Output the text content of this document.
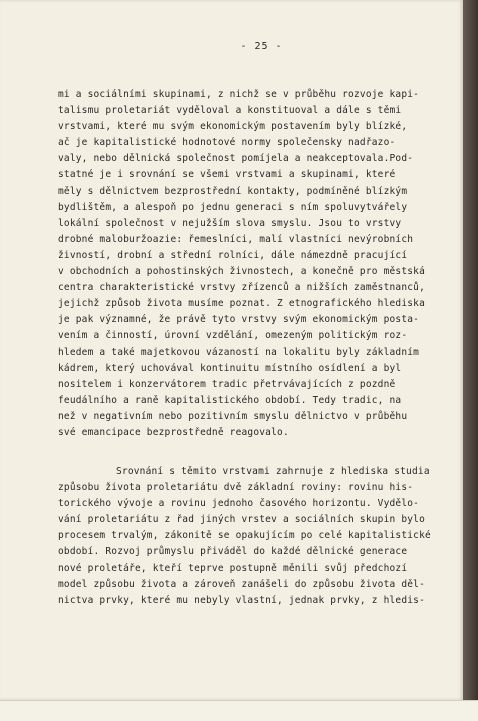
- 25 -
mi a sociálními skupinami, z nichž se v průběhu rozvoje kapi-
talismu proletariát vyděloval a konstituoval a dále s těmi
vrstvami, které mu svým ekonomickým postavením byly blízké,
ač je kapitalistické hodnotové normy společensky nadřazo-
valy, nebo dělnická společnost pomíjela a neakceptovala.Pod-
statné je i srovnání se všemi vrstvami a skupinami, které
měly s dělnictvem bezprostřední kontakty, podmíněné blízkým
bydlištěm, a alespoň po jednu generaci s ním spoluvytvářely
lokální společnost v nejužším slova smyslu. Jsou to vrstvy
drobné maloburžoazie: řemeslníci, malí vlastníci nevýrobních
živností, drobní a střední rolníci, dále námezdně pracující
v obchodních a pohostinských živnostech, a konečně pro městská
centra charakteristické vrstvy zřízenců a nižších zaměstnanců,
jejichž způsob života musíme poznat. Z etnografického hlediska
je pak významné, že právě tyto vrstvy svým ekonomickým posta-
vením a činností, úrovní vzdělání, omezeným politickým roz-
hledem a také majetkovou vázaností na lokalitu byly základním
kádrem, který uchovával kontinuitu místního osídlení a byl
nositelem i konzervátorem tradic přetrvávajících z pozdně
feudálního a raně kapitalistického období. Tedy tradic, na
než v negativním nebo pozitivním smyslu dělnictvo v průběhu
své emancipace bezprostředně reagovalo.
Srovnání s těmito vrstvami zahrnuje z hlediska studia
způsobu života proletariátu dvě základní roviny: rovinu his-
torického vývoje a rovinu jednoho časového horizontu. Vydělo-
vání proletariátu z řad jiných vrstev a sociálních skupin bylo
procesem trvalým, zákonitě se opakujícím po celé kapitalistické
období. Rozvoj průmyslu přiváděl do každé dělnické generace
nové proletáře, kteří teprve postupně měnili svůj předchozí
model způsobu života a zároveň zanášeli do způsobu života děl-
nictva prvky, které mu nebyly vlastní, jednak prvky, z hledis-
